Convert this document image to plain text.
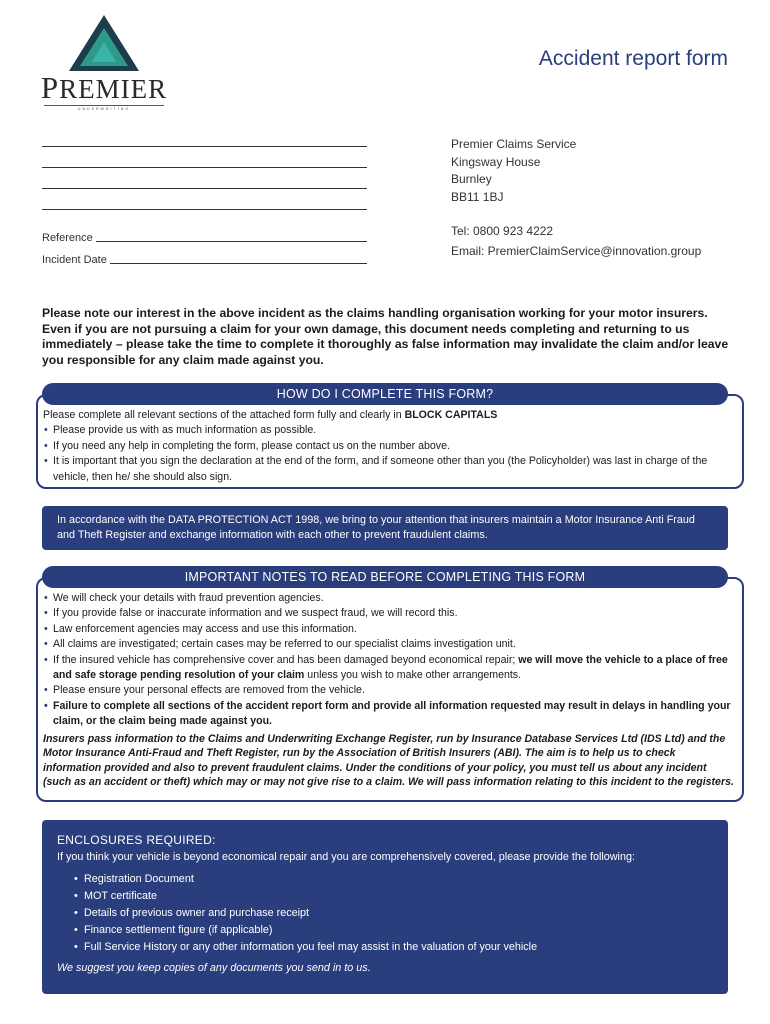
PREMIER
UNDERWRITING
Accident report form
Reference
Incident Date
Premier Claims Service
Kingsway House
Burnley
BB11 1BJ
Tel: 0800 923 4222
Email: PremierClaimService@innovation.group

Please note our interest in the above incident as the claims handling organisation working for your motor insurers. Even if you are not pursuing a claim for your own damage, this document needs completing and returning to us immediately – please take the time to complete it thoroughly as false information may invalidate the claim and/or leave you responsible for any claim made against you.

HOW DO I COMPLETE THIS FORM?
Please complete all relevant sections of the attached form fully and clearly in BLOCK CAPITALS
• Please provide us with as much information as possible.
• If you need any help in completing the form, please contact us on the number above.
• It is important that you sign the declaration at the end of the form, and if someone other than you (the Policyholder) was last in charge of the vehicle, then he/ she should also sign.
In accordance with the DATA PROTECTION ACT 1998, we bring to your attention that insurers maintain a Motor Insurance Anti Fraud and Theft Register and exchange information with each other to prevent fraudulent claims.
IMPORTANT NOTES TO READ BEFORE COMPLETING THIS FORM
• We will check your details with fraud prevention agencies.
• If you provide false or inaccurate information and we suspect fraud, we will record this.
• Law enforcement agencies may access and use this information.
• All claims are investigated; certain cases may be referred to our specialist claims investigation unit.
• If the insured vehicle has comprehensive cover and has been damaged beyond economical repair; we will move the vehicle to a place of free and safe storage pending resolution of your claim unless you wish to make other arrangements.
• Please ensure your personal effects are removed from the vehicle.
• Failure to complete all sections of the accident report form and provide all information requested may result in delays in handling your claim, or the claim being made against you.

Insurers pass information to the Claims and Underwriting Exchange Register, run by Insurance Database Services Ltd (IDS Ltd) and the Motor Insurance Anti-Fraud and Theft Register, run by the Association of British Insurers (ABI). The aim is to help us to check information provided and also to prevent fraudulent claims. Under the conditions of your policy, you must tell us about any incident (such as an accident or theft) which may or may not give rise to a claim. We will pass information relating to this incident to the registers.

ENCLOSURES REQUIRED:
If you think your vehicle is beyond economical repair and you are comprehensively covered, please provide the following:
• Registration Document
• MOT certificate
• Details of previous owner and purchase receipt
• Finance settlement figure (if applicable)
• Full Service History or any other information you feel may assist in the valuation of your vehicle
We suggest you keep copies of any documents you send in to us.
